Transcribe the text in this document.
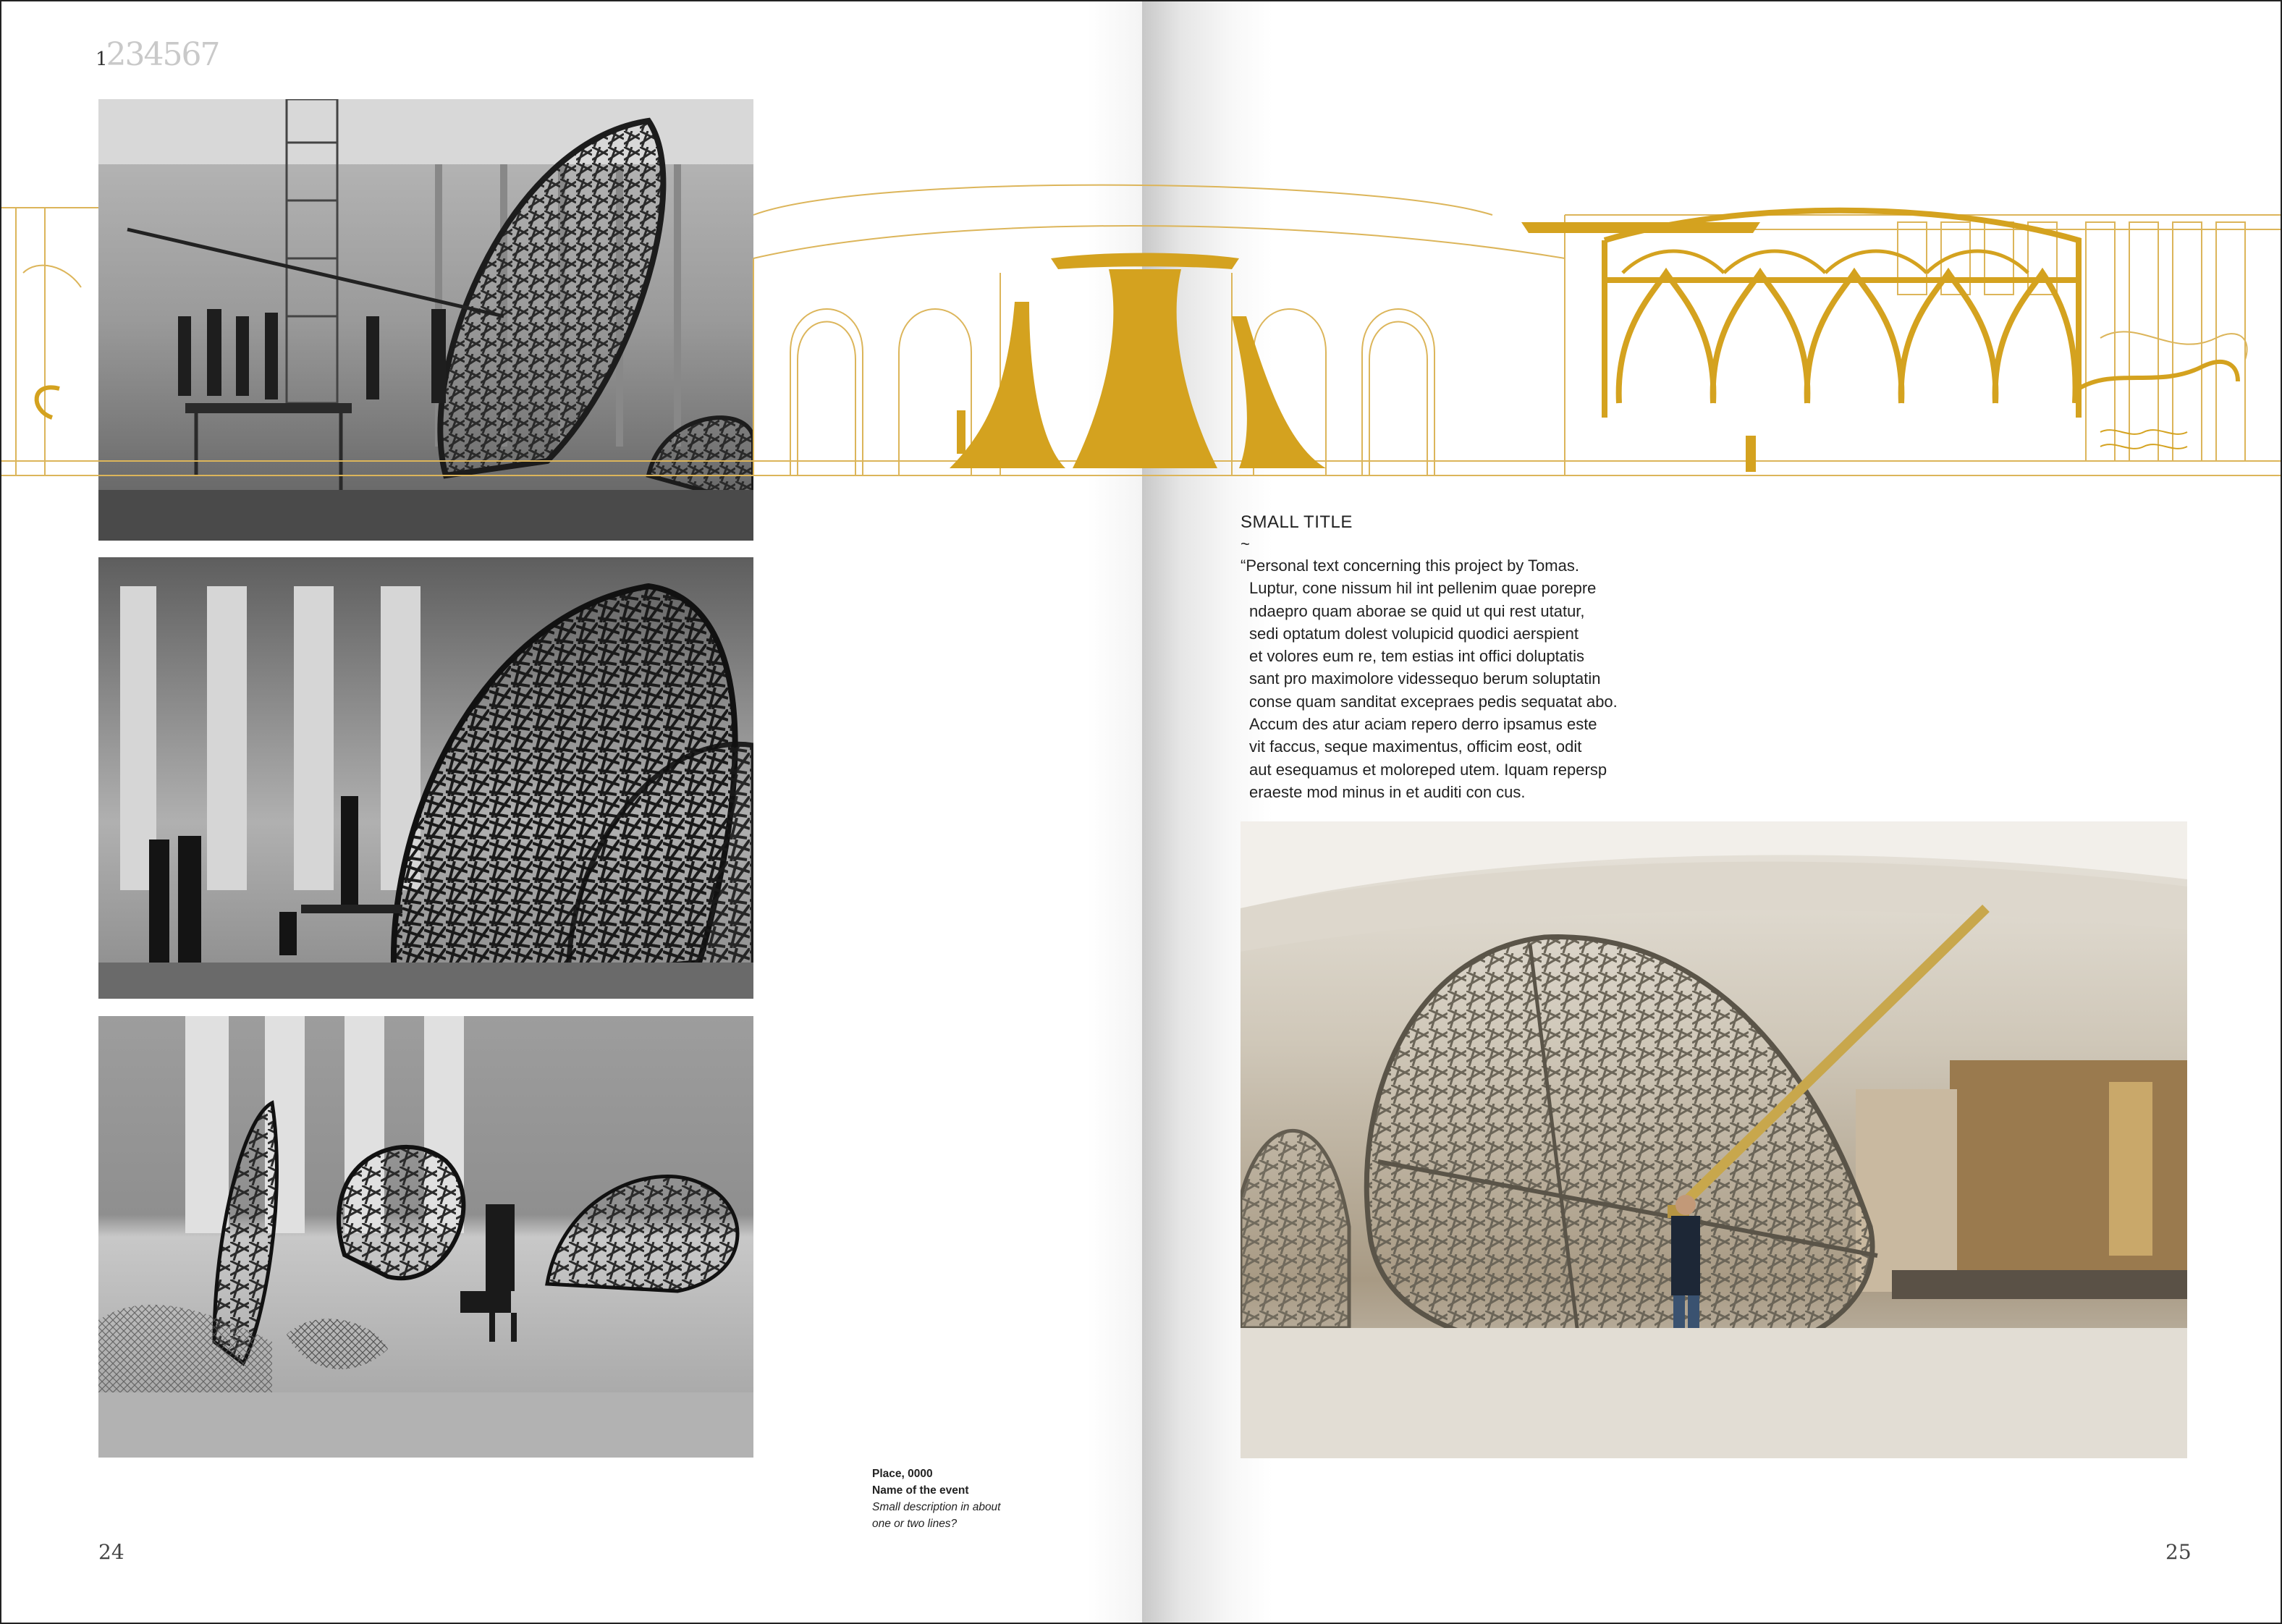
1234567

SMALL TITLE

~

“Personal text concerning this project by Tomas.
Luptur, cone nissum hil int pellenim quae porepre
ndaepro quam aborae se quid ut qui rest utatur,
sedi optatum dolest volupicid quodici aerspient
et volores eum re, tem estias int offici doluptatis
sant pro maximolore videssequo berum soluptatin
conse quam sanditat excepraes pedis sequatat abo.
Accum des atur aciam repero derro ipsamus este
vit faccus, seque maximentus, officim eost, odit
aut esequamus et moloreped utem. Iquam repersp
eraeste mod minus in et auditi con cus.

Place, 0000
Name of the event
Small description in about
one or two lines?
24	25
